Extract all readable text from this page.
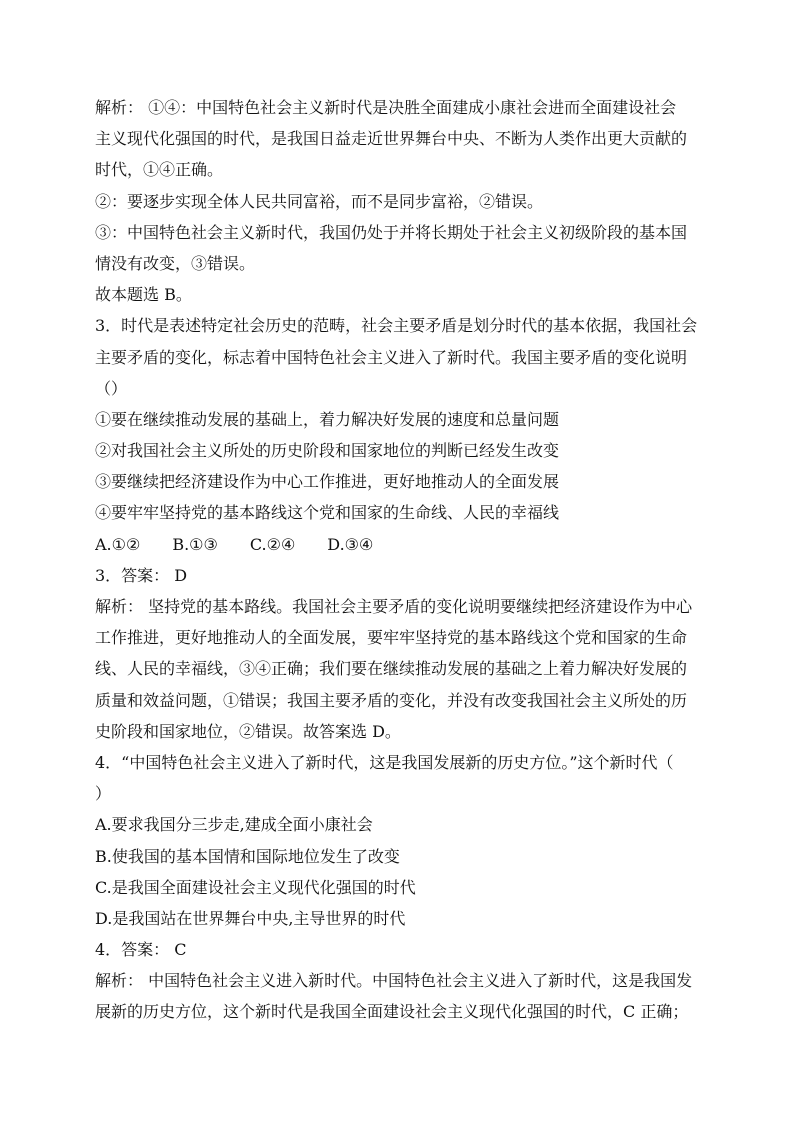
解析： ①④：中国特色社会主义新时代是决胜全面建成小康社会进而全面建设社会
主义现代化强国的时代，是我国日益走近世界舞台中央、不断为人类作出更大贡献的
时代，①④正确。
②：要逐步实现全体人民共同富裕，而不是同步富裕，②错误。
③：中国特色社会主义新时代，我国仍处于并将长期处于社会主义初级阶段的基本国
情没有改变，③错误。
故本题选 B。
3．时代是表述特定社会历史的范畴，社会主要矛盾是划分时代的基本依据，我国社会
主要矛盾的变化，标志着中国特色社会主义进入了新时代。我国主要矛盾的变化说明
（）
①要在继续推动发展的基础上，着力解决好发展的速度和总量问题
②对我国社会主义所处的历史阶段和国家地位的判断已经发生改变
③要继续把经济建设作为中心工作推进，更好地推动人的全面发展
④要牢牢坚持党的基本路线这个党和国家的生命线、人民的幸福线
A.①②　　B.①③　　C.②④　　D.③④
3．答案： D
解析： 坚持党的基本路线。我国社会主要矛盾的变化说明要继续把经济建设作为中心
工作推进，更好地推动人的全面发展，要牢牢坚持党的基本路线这个党和国家的生命
线、人民的幸福线，③④正确；我们要在继续推动发展的基础之上着力解决好发展的
质量和效益问题，①错误；我国主要矛盾的变化，并没有改变我国社会主义所处的历
史阶段和国家地位，②错误。故答案选 D。
4．“中国特色社会主义进入了新时代，这是我国发展新的历史方位。”这个新时代（
）
A.要求我国分三步走,建成全面小康社会
B.使我国的基本国情和国际地位发生了改变
C.是我国全面建设社会主义现代化强国的时代
D.是我国站在世界舞台中央,主导世界的时代
4．答案： C
解析： 中国特色社会主义进入新时代。中国特色社会主义进入了新时代，这是我国发
展新的历史方位，这个新时代是我国全面建设社会主义现代化强国的时代，C 正确；
